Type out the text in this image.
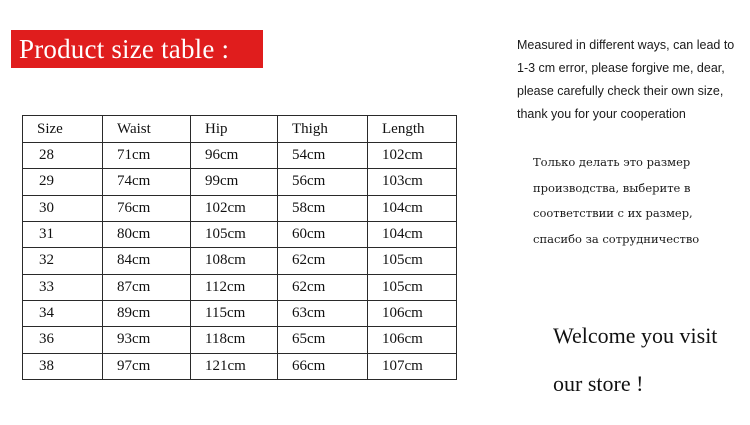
Product size table :
Size	Waist	Hip	Thigh	Length
28	71cm	96cm	54cm	102cm
29	74cm	99cm	56cm	103cm
30	76cm	102cm	58cm	104cm
31	80cm	105cm	60cm	104cm
32	84cm	108cm	62cm	105cm
33	87cm	112cm	62cm	105cm
34	89cm	115cm	63cm	106cm
36	93cm	118cm	65cm	106cm
38	97cm	121cm	66cm	107cm
Measured in different ways, can lead to
1-3 cm error, please forgive me, dear,
please carefully check their own size,
thank you for your cooperation
Только делать это размер
производства, выберите в
соответствии с их размер,
спасибо за сотрудничество
Welcome you visit
our store !
